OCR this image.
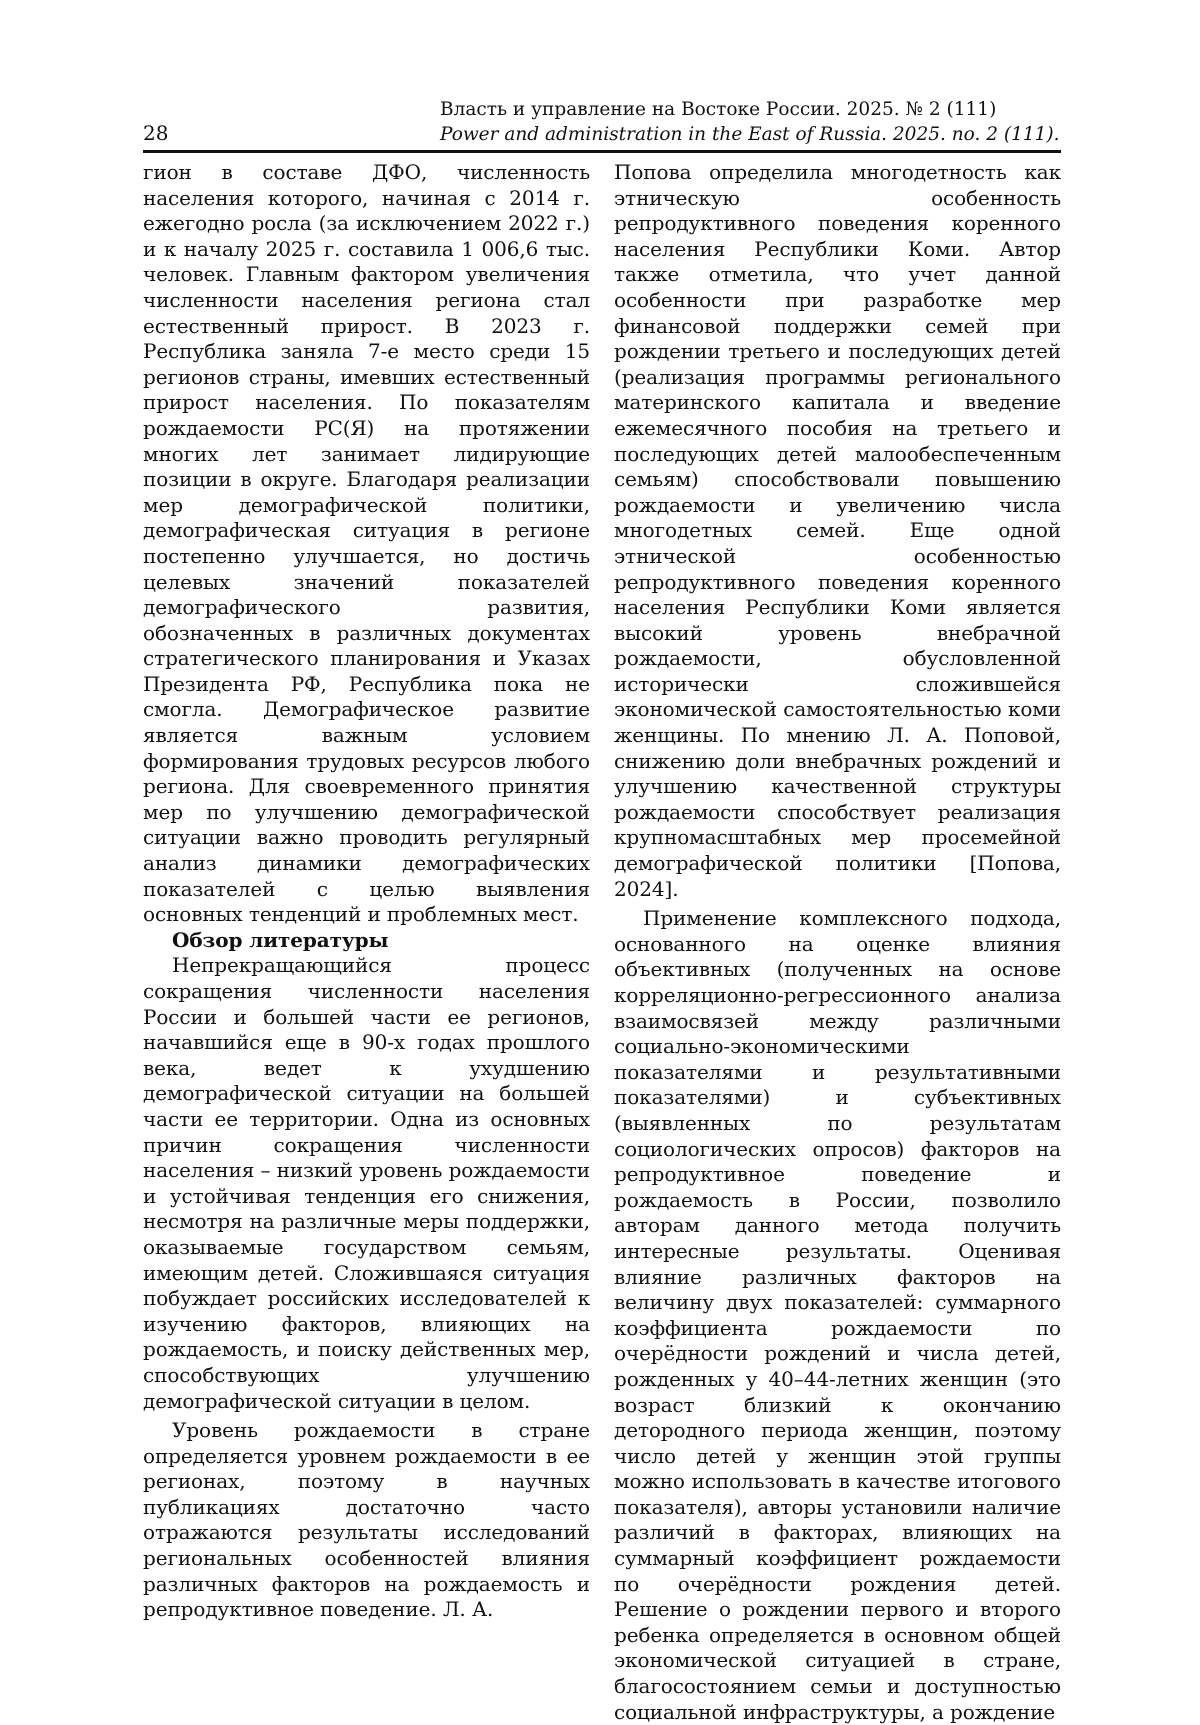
28
Власть и управление на Востоке России. 2025. № 2 (111)
Power and administration in the East of Russia. 2025. no. 2 (111).

гион в составе ДФО, численность населения которого, начиная с 2014 г. ежегодно росла (за исключением 2022 г.) и к началу 2025 г. составила 1 006,6 тыс. человек. Главным фактором увеличения численности населения региона стал естественный прирост. В 2023 г. Республика заняла 7-е место среди 15 регионов страны, имевших естественный прирост населения. По показателям рождаемости РС(Я) на протяжении многих лет занимает лидирующие позиции в округе. Благодаря реализации мер демографической политики, демографическая ситуация в регионе постепенно улучшается, но достичь целевых значений показателей демографического развития, обозначенных в различных документах стратегического планирования и Указах Президента РФ, Республика пока не смогла. Демографическое развитие является важным условием формирования трудовых ресурсов любого региона. Для своевременного принятия мер по улучшению демографической ситуации важно проводить регулярный анализ динамики демографических показателей с целью выявления основных тенденций и проблемных мест.

Обзор литературы

Непрекращающийся процесс сокращения численности населения России и большей части ее регионов, начавшийся еще в 90-х годах прошлого века, ведет к ухудшению демографической ситуации на большей части ее территории. Одна из основных причин сокращения численности населения – низкий уровень рождаемости и устойчивая тенденция его снижения, несмотря на различные меры поддержки, оказываемые государством семьям, имеющим детей. Сложившаяся ситуация побуждает российских исследователей к изучению факторов, влияющих на рождаемость, и поиску действенных мер, способствующих улучшению демографической ситуации в целом.

Уровень рождаемости в стране определяется уровнем рождаемости в ее регионах, поэтому в научных публикациях достаточно часто отражаются результаты исследований региональных особенностей влияния различных факторов на рождаемость и репродуктивное поведение. Л. А.

Попова определила многодетность как этническую особенность репродуктивного поведения коренного населения Республики Коми. Автор также отметила, что учет данной особенности при разработке мер финансовой поддержки семей при рождении третьего и последующих детей (реализация программы регионального материнского капитала и введение ежемесячного пособия на третьего и последующих детей малообеспеченным семьям) способствовали повышению рождаемости и увеличению числа многодетных семей. Еще одной этнической особенностью репродуктивного поведения коренного населения Республики Коми является высокий уровень внебрачной рождаемости, обусловленной исторически сложившейся экономической самостоятельностью коми женщины. По мнению Л. А. Поповой, снижению доли внебрачных рождений и улучшению качественной структуры рождаемости способствует реализация крупномасштабных мер просемейной демографической политики [Попова, 2024].

Применение комплексного подхода, основанного на оценке влияния объективных (полученных на основе корреляционно-регрессионного анализа взаимосвязей между различными социально-экономическими показателями и результативными показателями) и субъективных (выявленных по результатам социологических опросов) факторов на репродуктивное поведение и рождаемость в России, позволило авторам данного метода получить интересные результаты. Оценивая влияние различных факторов на величину двух показателей: суммарного коэффициента рождаемости по очерёдности рождений и числа детей, рожденных у 40–44-летних женщин (это возраст близкий к окончанию детородного периода женщин, поэтому число детей у женщин этой группы можно использовать в качестве итогового показателя), авторы установили наличие различий в факторах, влияющих на суммарный коэффициент рождаемости по очерёдности рождения детей. Решение о рождении первого и второго ребенка определяется в основном общей экономической ситуацией в стране, благосостоянием семьи и доступностью социальной инфраструктуры, а рождение
